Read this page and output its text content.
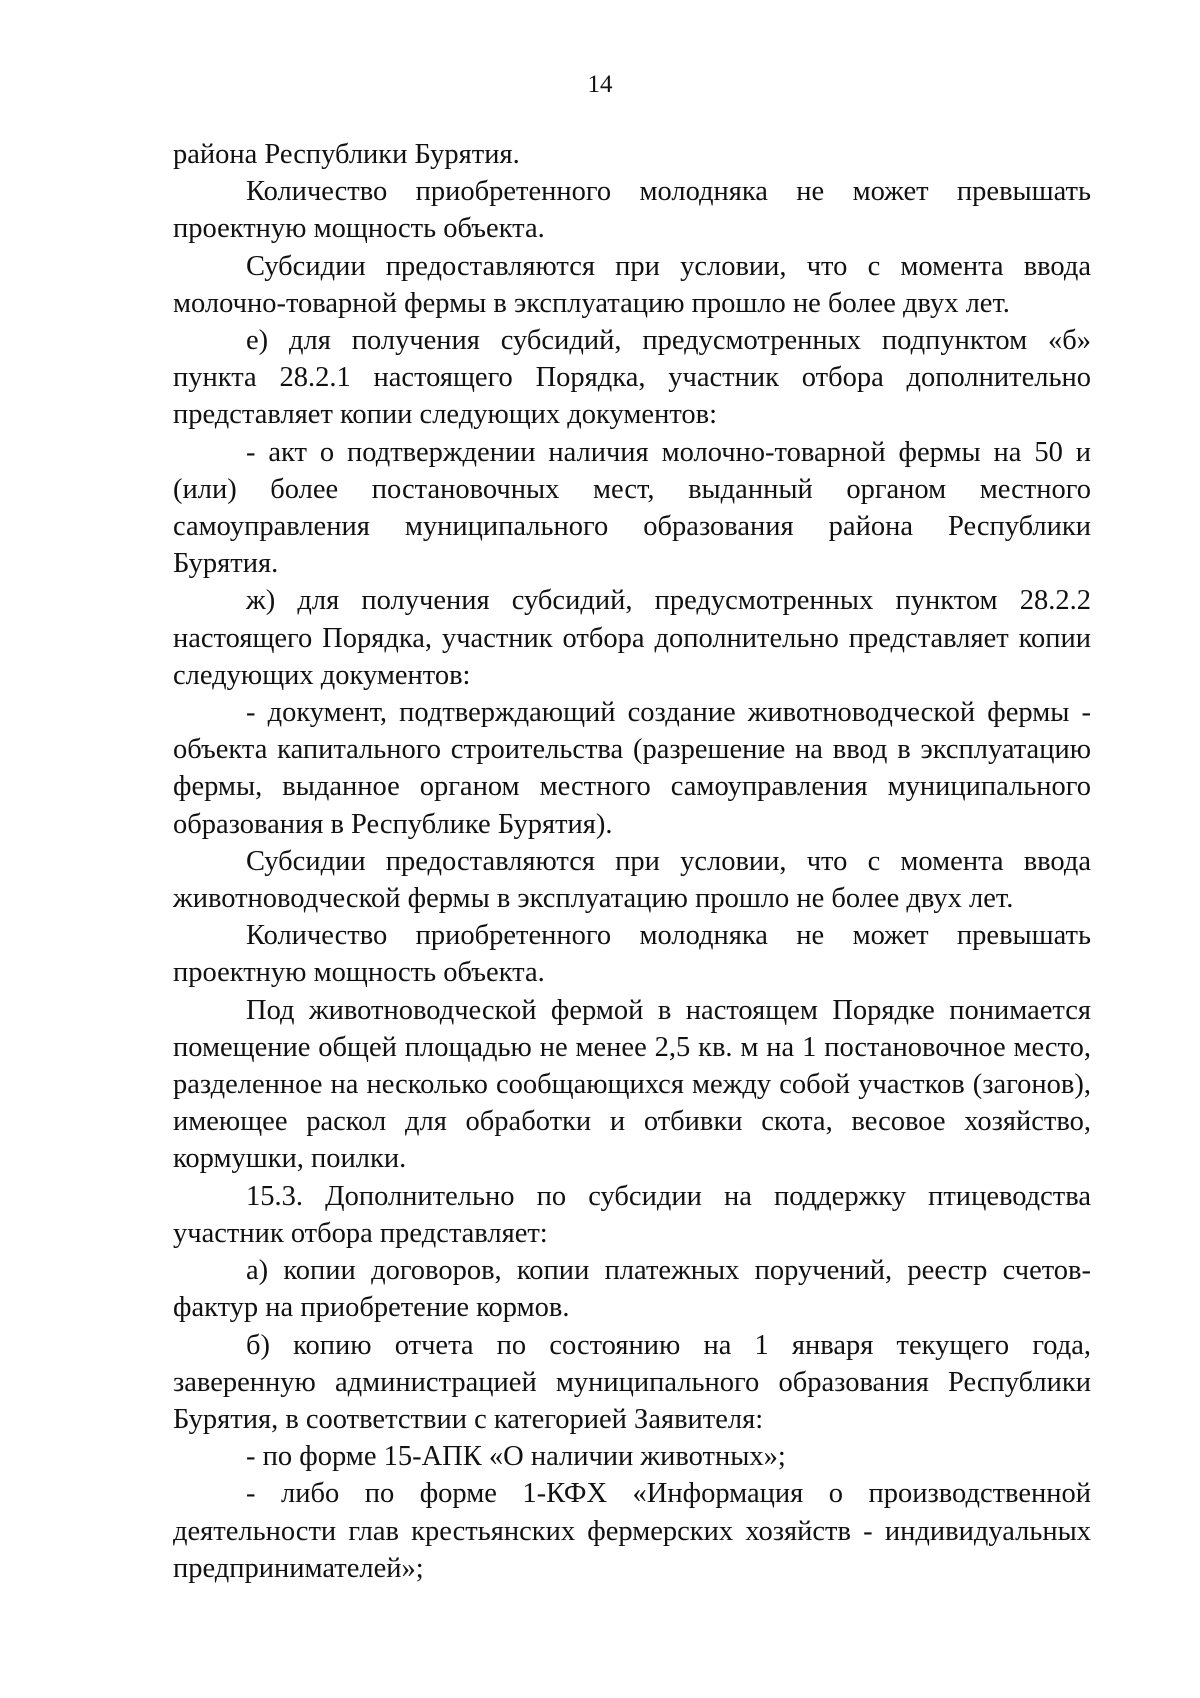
14

района Республики Бурятия.

Количество приобретенного молодняка не может превышать проектную мощность объекта.

Субсидии предоставляются при условии, что с момента ввода молочно-товарной фермы в эксплуатацию прошло не более двух лет.

е) для получения субсидий, предусмотренных подпунктом «б» пункта 28.2.1 настоящего Порядка, участник отбора дополнительно представляет копии следующих документов:

- акт о подтверждении наличия молочно-товарной фермы на 50 и (или) более постановочных мест, выданный органом местного самоуправления муниципального образования района Республики Бурятия.

ж) для получения субсидий, предусмотренных пунктом 28.2.2 настоящего Порядка, участник отбора дополнительно представляет копии следующих документов:

- документ, подтверждающий создание животноводческой фермы - объекта капитального строительства (разрешение на ввод в эксплуатацию фермы, выданное органом местного самоуправления муниципального образования в Республике Бурятия).

Субсидии предоставляются при условии, что с момента ввода животноводческой фермы в эксплуатацию прошло не более двух лет.

Количество приобретенного молодняка не может превышать проектную мощность объекта.

Под животноводческой фермой в настоящем Порядке понимается помещение общей площадью не менее 2,5 кв. м на 1 постановочное место, разделенное на несколько сообщающихся между собой участков (загонов), имеющее раскол для обработки и отбивки скота, весовое хозяйство, кормушки, поилки.

15.3. Дополнительно по субсидии на поддержку птицеводства участник отбора представляет:

а) копии договоров, копии платежных поручений, реестр счетов-фактур на приобретение кормов.

б) копию отчета по состоянию на 1 января текущего года, заверенную администрацией муниципального образования Республики Бурятия, в соответствии с категорией Заявителя:

- по форме 15-АПК «О наличии животных»;

- либо по форме 1-КФХ «Информация о производственной деятельности глав крестьянских фермерских хозяйств - индивидуальных предпринимателей»;
